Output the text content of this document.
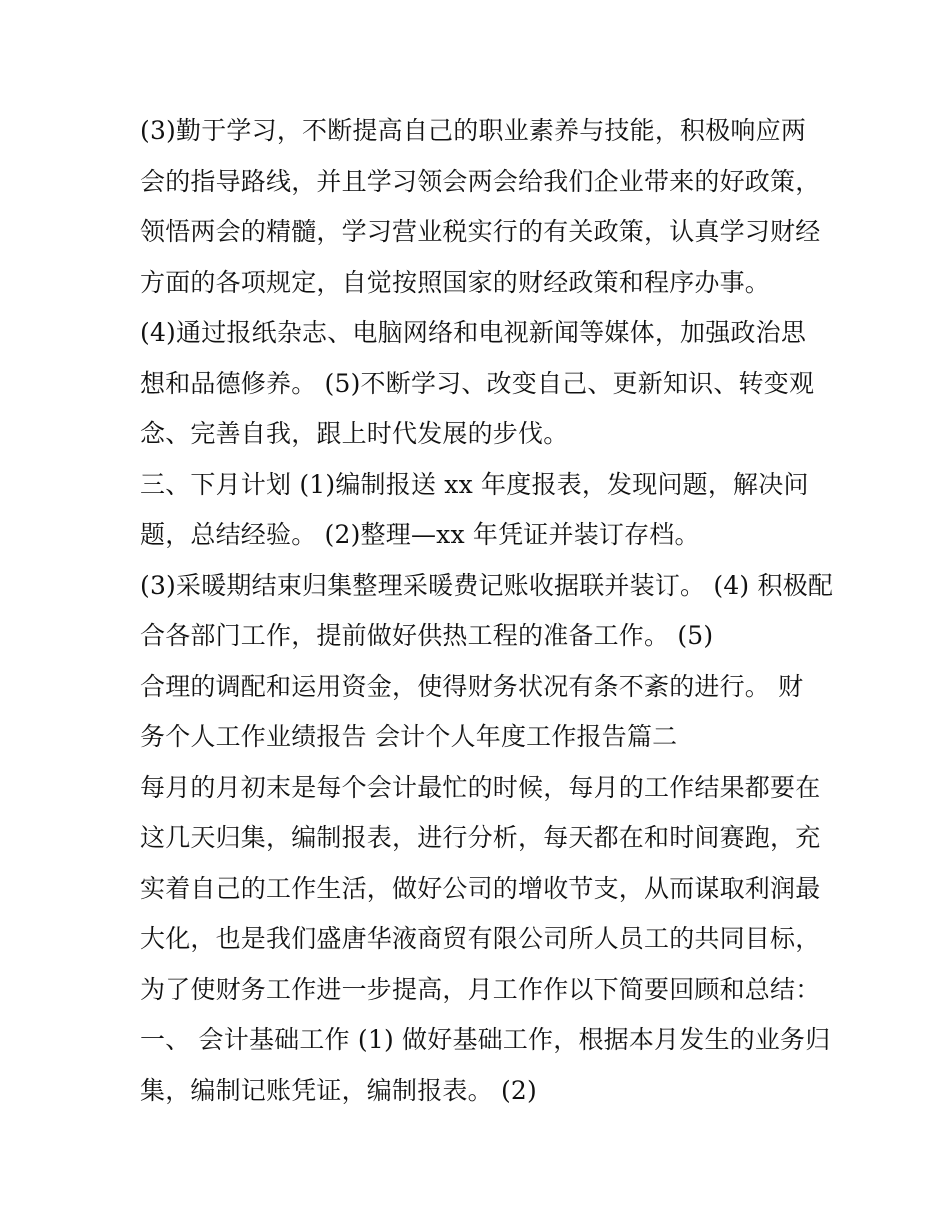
(3)勤于学习，不断提高自己的职业素养与技能，积极响应两
会的指导路线，并且学习领会两会给我们企业带来的好政策，
领悟两会的精髓，学习营业税实行的有关政策，认真学习财经
方面的各项规定，自觉按照国家的财经政策和程序办事。
(4)通过报纸杂志、电脑网络和电视新闻等媒体，加强政治思
想和品德修养。 (5)不断学习、改变自己、更新知识、转变观
念、完善自我，跟上时代发展的步伐。
三、下月计划 (1)编制报送 xx 年度报表，发现问题，解决问
题，总结经验。 (2)整理—xx 年凭证并装订存档。
(3)采暖期结束归集整理采暖费记账收据联并装订。 (4) 积极配
合各部门工作，提前做好供热工程的准备工作。 (5)
合理的调配和运用资金，使得财务状况有条不紊的进行。 财
务个人工作业绩报告 会计个人年度工作报告篇二
每月的月初末是每个会计最忙的时候，每月的工作结果都要在
这几天归集，编制报表，进行分析，每天都在和时间赛跑，充
实着自己的工作生活，做好公司的增收节支，从而谋取利润最
大化，也是我们盛唐华液商贸有限公司所人员工的共同目标，
为了使财务工作进一步提高，月工作作以下简要回顾和总结：
一、 会计基础工作 (1) 做好基础工作，根据本月发生的业务归
集，编制记账凭证，编制报表。 (2)
